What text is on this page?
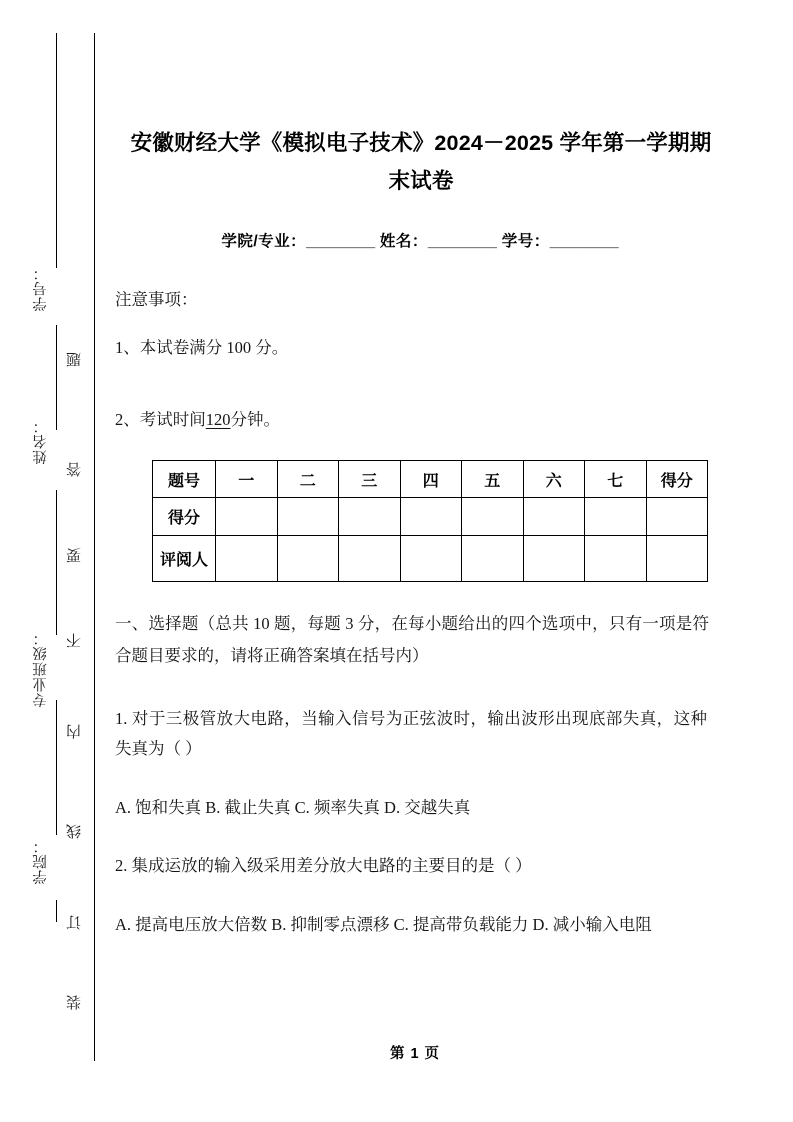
学号：
姓名：
专业班级：
学院：
题
答
要
不
内
线
订
装
安徽财经大学《模拟电子技术》2024－2025 学年第一学期期末试卷
学院/专业：________ 姓名：________ 学号：________
注意事项：
1、本试卷满分 100 分。
2、考试时间120分钟。
题号	一	二	三	四	五	六	七	得分
得分								
评阅人								
一、选择题（总共 10 题，每题 3 分，在每小题给出的四个选项中，只有一项是符合题目要求的，请将正确答案填在括号内）
1. 对于三极管放大电路，当输入信号为正弦波时，输出波形出现底部失真，这种失真为（ ）
A. 饱和失真 B. 截止失真 C. 频率失真 D. 交越失真
2. 集成运放的输入级采用差分放大电路的主要目的是（ ）
A. 提高电压放大倍数 B. 抑制零点漂移 C. 提高带负载能力 D. 减小输入电阻
第 1 页
